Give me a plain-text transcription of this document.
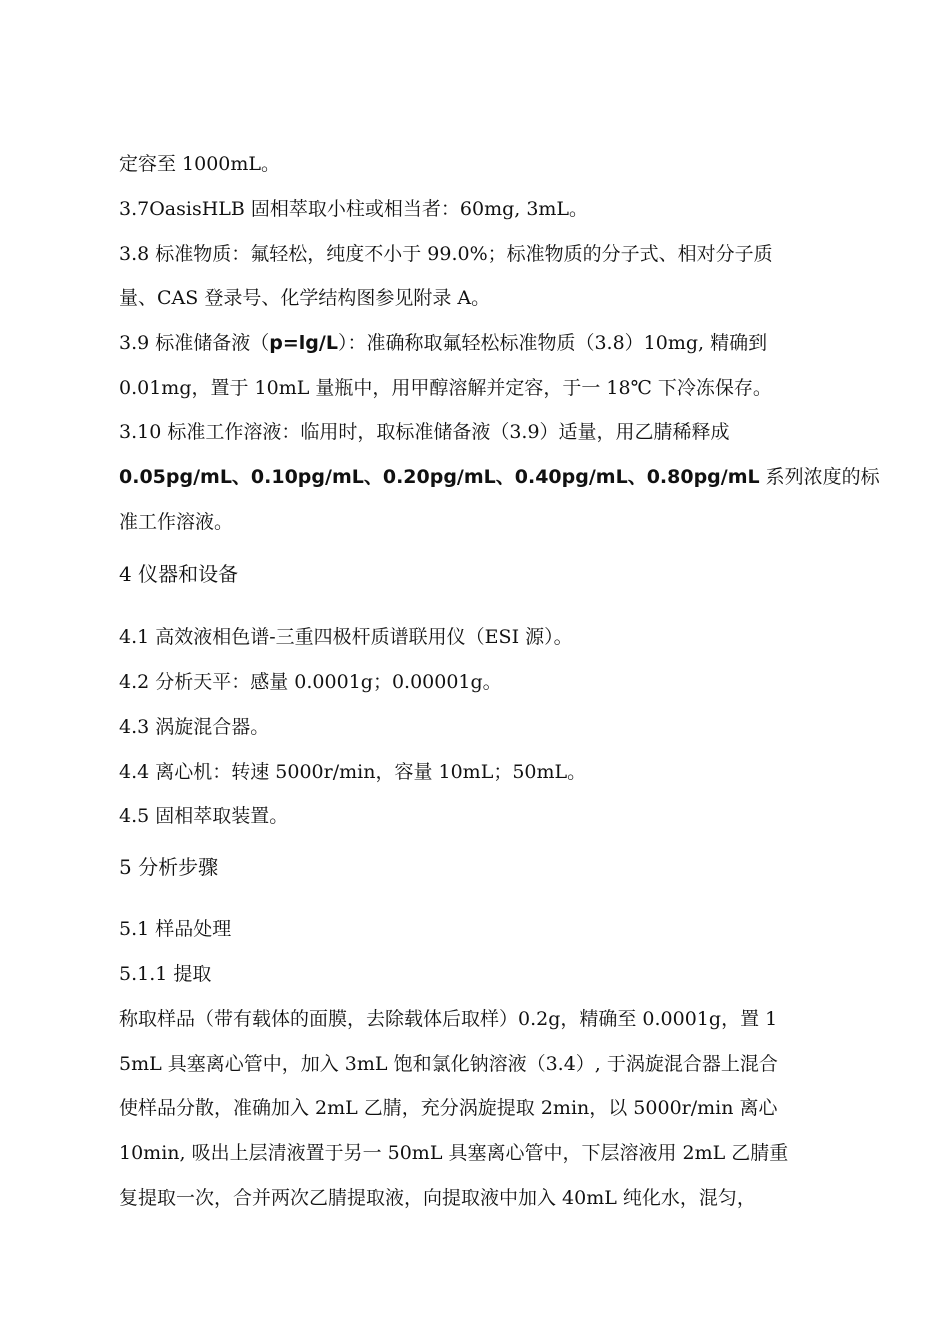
定容至 1000mL。
3.7OasisHLB 固相萃取小柱或相当者：60mg, 3mL。
3.8 标准物质：氟轻松，纯度不小于 99.0%；标准物质的分子式、相对分子质
量、CAS 登录号、化学结构图参见附录 A。
3.9 标准储备液（p=lg/L）：准确称取氟轻松标准物质（3.8）10mg, 精确到
0.01mg，置于 10mL 量瓶中，用甲醇溶解并定容，于一 18℃ 下冷冻保存。
3.10 标准工作溶液：临用时，取标准储备液（3.9）适量，用乙腈稀释成
0.05pg/mL、0.10pg/mL、0.20pg/mL、0.40pg/mL、0.80pg/mL 系列浓度的标
准工作溶液。
4 仪器和设备
4.1 高效液相色谱-三重四极杆质谱联用仪（ESI 源）。
4.2 分析天平：感量 0.0001g；0.00001g。
4.3 涡旋混合器。
4.4 离心机：转速 5000r/min，容量 10mL；50mL。
4.5 固相萃取装置。
5 分析步骤
5.1 样品处理
5.1.1 提取
称取样品（带有载体的面膜，去除载体后取样）0.2g，精确至 0.0001g，置 1
5mL 具塞离心管中，加入 3mL 饱和氯化钠溶液（3.4）, 于涡旋混合器上混合
使样品分散，准确加入 2mL 乙腈，充分涡旋提取 2min，以 5000r/min 离心
10min, 吸出上层清液置于另一 50mL 具塞离心管中，下层溶液用 2mL 乙腈重
复提取一次，合并两次乙腈提取液，向提取液中加入 40mL 纯化水，混匀，
